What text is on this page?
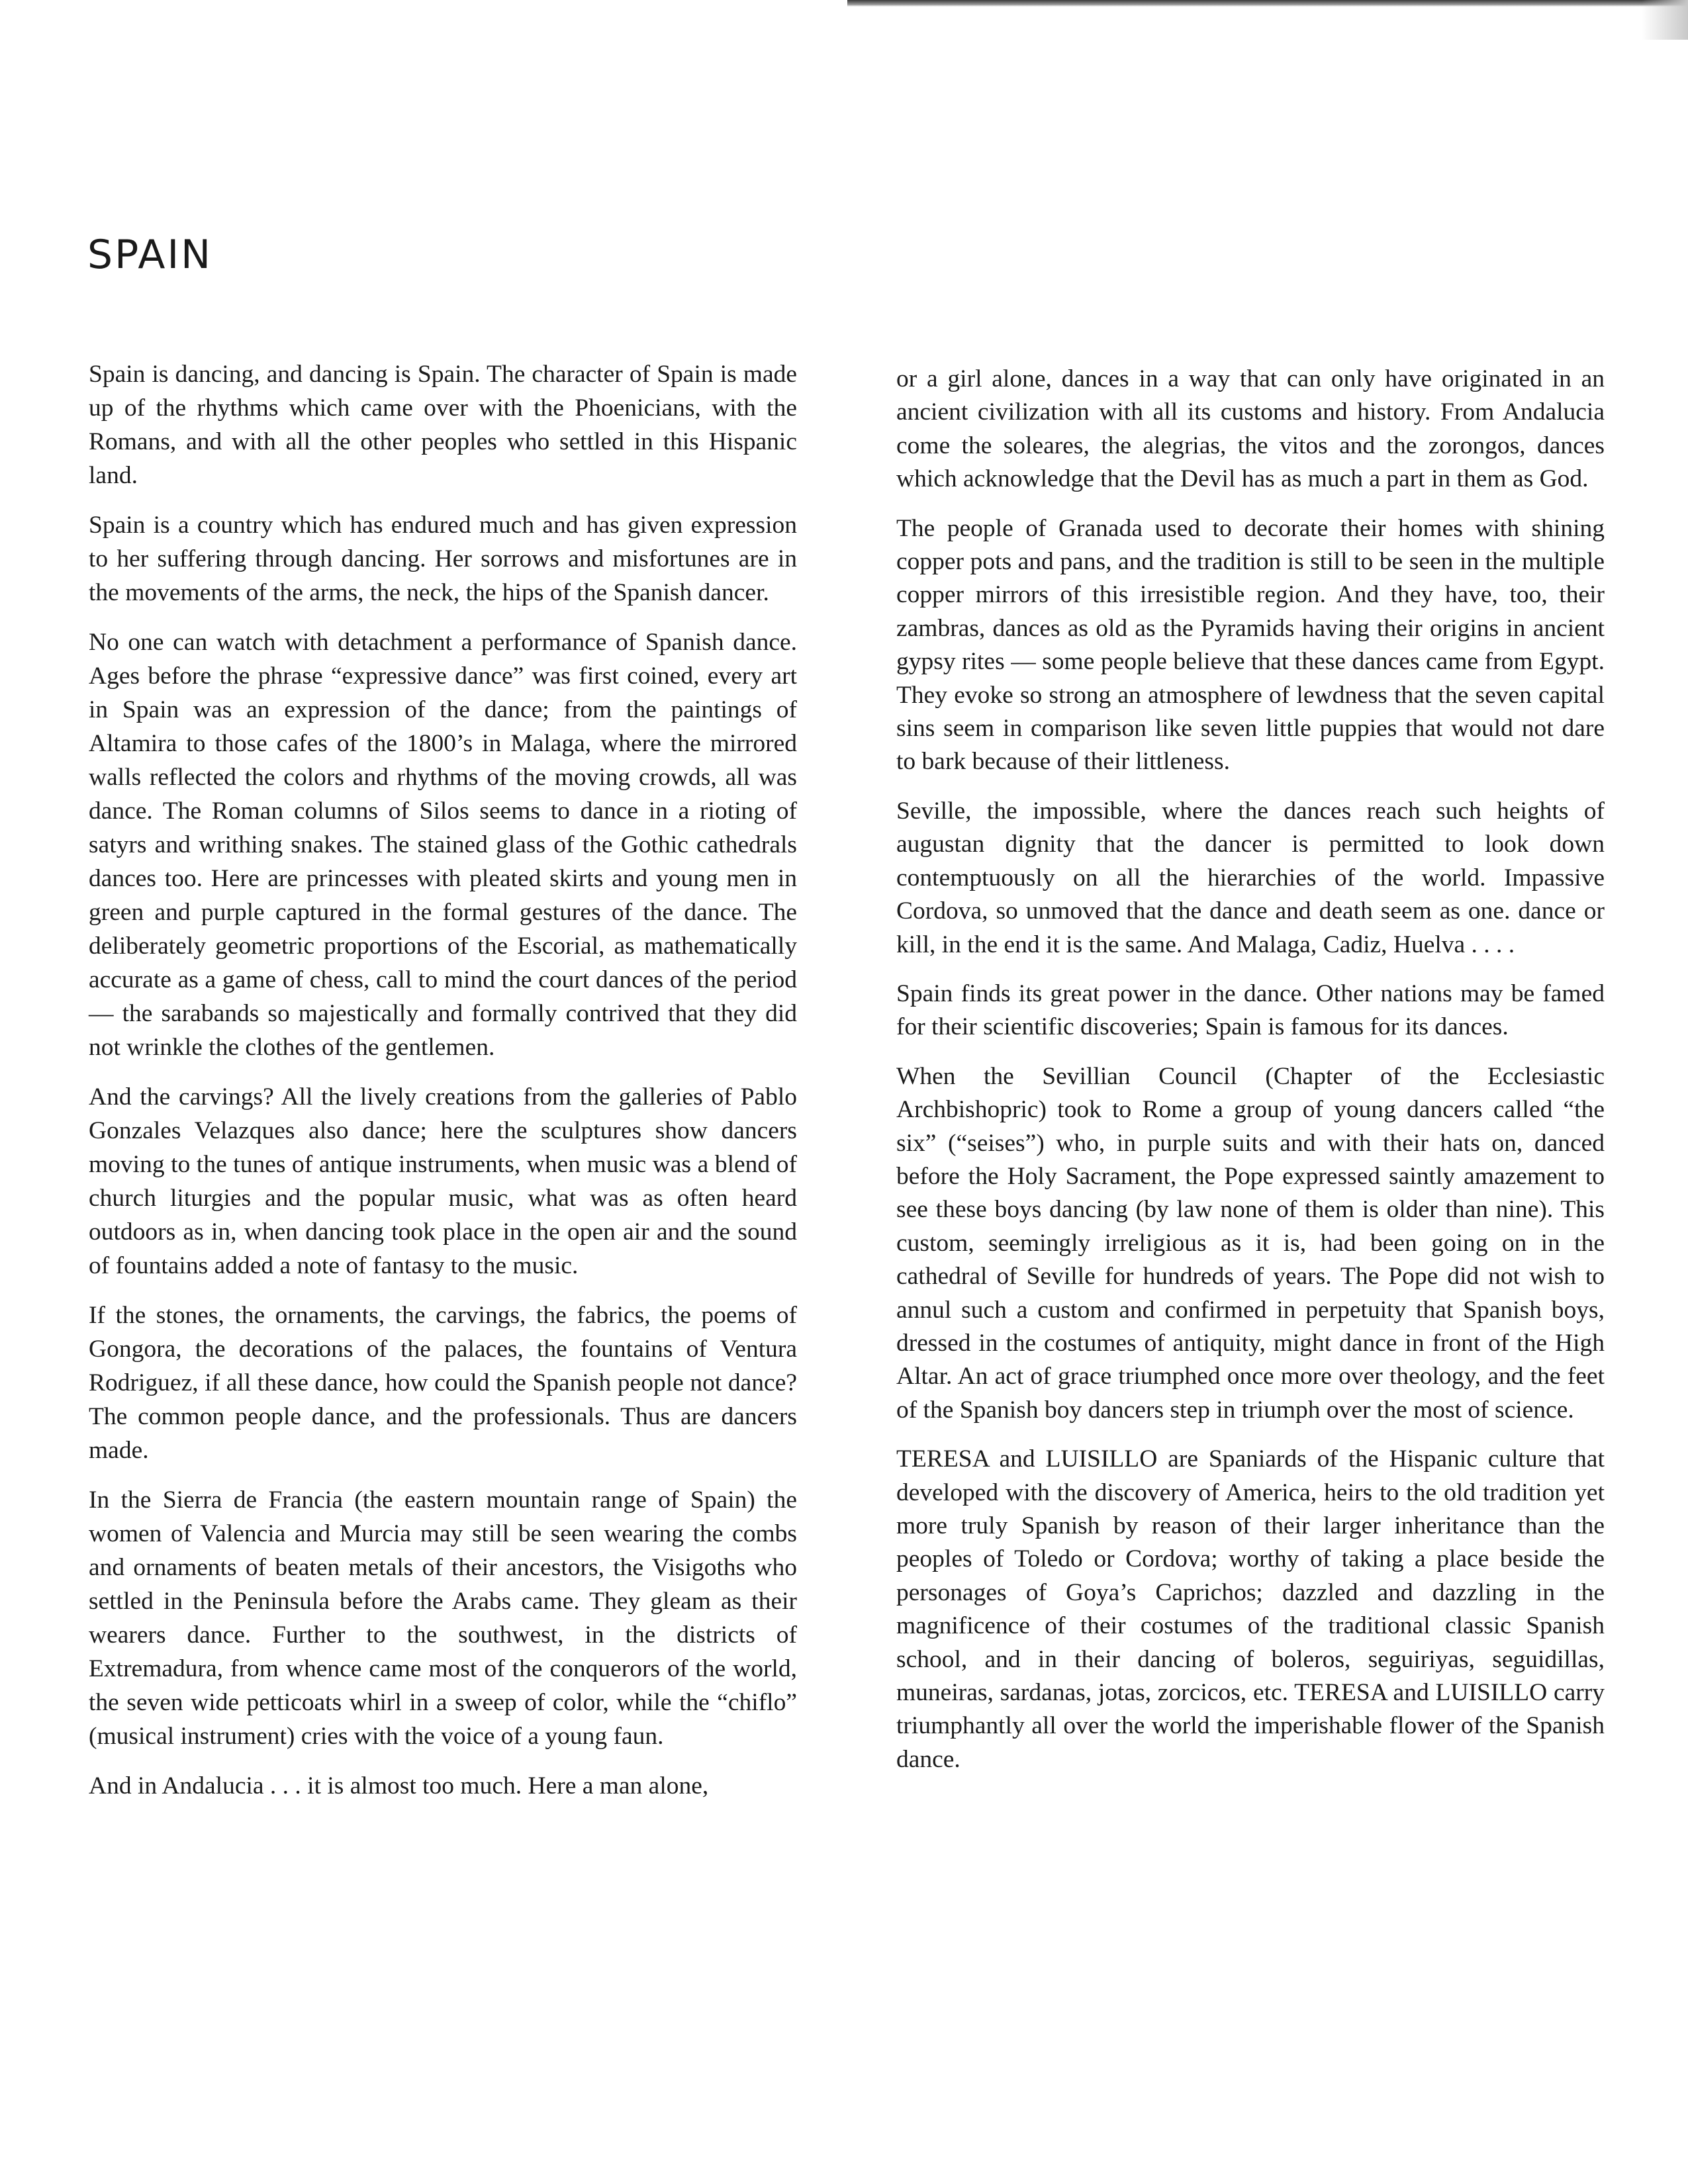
SPAIN

Spain is dancing, and dancing is Spain. The character of Spain is made up of the rhythms which came over with the Phoenicians, with the Romans, and with all the other peoples who settled in this Hispanic land.

Spain is a country which has endured much and has given expression to her suffering through dancing. Her sorrows and misfortunes are in the movements of the arms, the neck, the hips of the Spanish dancer.

No one can watch with detachment a performance of Spanish dance. Ages before the phrase “expressive dance” was first coined, every art in Spain was an expression of the dance; from the paintings of Altamira to those cafes of the 1800’s in Malaga, where the mirrored walls reflected the colors and rhythms of the moving crowds, all was dance. The Roman columns of Silos seems to dance in a rioting of satyrs and writhing snakes. The stained glass of the Gothic cathedrals dances too. Here are princesses with pleated skirts and young men in green and purple captured in the formal gestures of the dance. The deliberately geometric proportions of the Escorial, as mathematically accurate as a game of chess, call to mind the court dances of the period — the sarabands so majestically and formally contrived that they did not wrinkle the clothes of the gentlemen.

And the carvings? All the lively creations from the galleries of Pablo Gonzales Velazques also dance; here the sculptures show dancers moving to the tunes of antique instruments, when music was a blend of church liturgies and the popular music, what was as often heard outdoors as in, when dancing took place in the open air and the sound of fountains added a note of fantasy to the music.

If the stones, the ornaments, the carvings, the fabrics, the poems of Gongora, the decorations of the palaces, the fountains of Ventura Rodriguez, if all these dance, how could the Spanish people not dance? The common people dance, and the professionals. Thus are dancers made.

In the Sierra de Francia (the eastern mountain range of Spain) the women of Valencia and Murcia may still be seen wearing the combs and ornaments of beaten metals of their ancestors, the Visigoths who settled in the Peninsula before the Arabs came. They gleam as their wearers dance. Further to the southwest, in the districts of Extremadura, from whence came most of the conquerors of the world, the seven wide petticoats whirl in a sweep of color, while the “chiflo” (musical instrument) cries with the voice of a young faun.

And in Andalucia . . . it is almost too much. Here a man alone,

or a girl alone, dances in a way that can only have originated in an ancient civilization with all its customs and history. From Andalucia come the soleares, the alegrias, the vitos and the zorongos, dances which acknowledge that the Devil has as much a part in them as God.

The people of Granada used to decorate their homes with shining copper pots and pans, and the tradition is still to be seen in the multiple copper mirrors of this irresistible region. And they have, too, their zambras, dances as old as the Pyramids having their origins in ancient gypsy rites — some people believe that these dances came from Egypt. They evoke so strong an atmosphere of lewdness that the seven capital sins seem in comparison like seven little puppies that would not dare to bark because of their littleness.

Seville, the impossible, where the dances reach such heights of augustan dignity that the dancer is permitted to look down contemptuously on all the hierarchies of the world. Impassive Cordova, so unmoved that the dance and death seem as one. dance or kill, in the end it is the same. And Malaga, Cadiz, Huelva . . . .

Spain finds its great power in the dance. Other nations may be famed for their scientific discoveries; Spain is famous for its dances.

When the Sevillian Council (Chapter of the Ecclesiastic Archbishopric) took to Rome a group of young dancers called “the six” (“seises”) who, in purple suits and with their hats on, danced before the Holy Sacrament, the Pope expressed saintly amazement to see these boys dancing (by law none of them is older than nine). This custom, seemingly irreligious as it is, had been going on in the cathedral of Seville for hundreds of years. The Pope did not wish to annul such a custom and confirmed in perpetuity that Spanish boys, dressed in the costumes of antiquity, might dance in front of the High Altar. An act of grace triumphed once more over theology, and the feet of the Spanish boy dancers step in triumph over the most of science.

TERESA and LUISILLO are Spaniards of the Hispanic culture that developed with the discovery of America, heirs to the old tradition yet more truly Spanish by reason of their larger inheritance than the peoples of Toledo or Cordova; worthy of taking a place beside the personages of Goya’s Caprichos; dazzled and dazzling in the magnificence of their costumes of the traditional classic Spanish school, and in their dancing of boleros, seguiriyas, seguidillas, muneiras, sardanas, jotas, zorcicos, etc. TERESA and LUISILLO carry triumphantly all over the world the imperishable flower of the Spanish dance.
